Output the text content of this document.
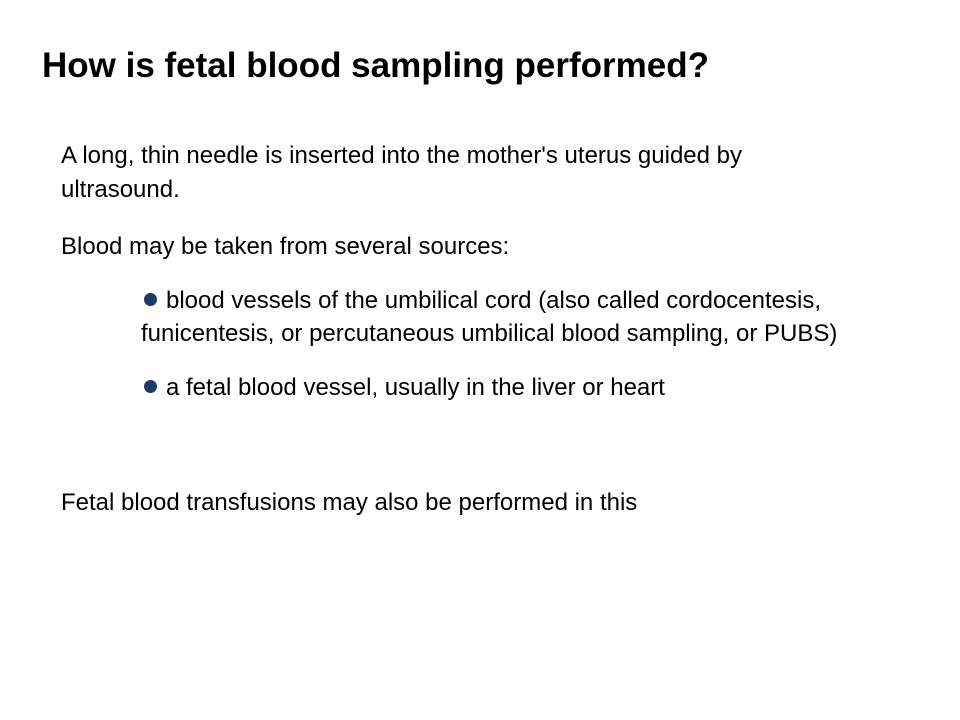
How is fetal blood sampling performed?

A long, thin needle is inserted into the mother's uterus guided by ultrasound.

Blood may be taken from several sources:

blood vessels of the umbilical cord (also called cordocentesis, funicentesis, or percutaneous umbilical blood sampling, or PUBS)
a fetal blood vessel, usually in the liver or heart

Fetal blood transfusions may also be performed in this
